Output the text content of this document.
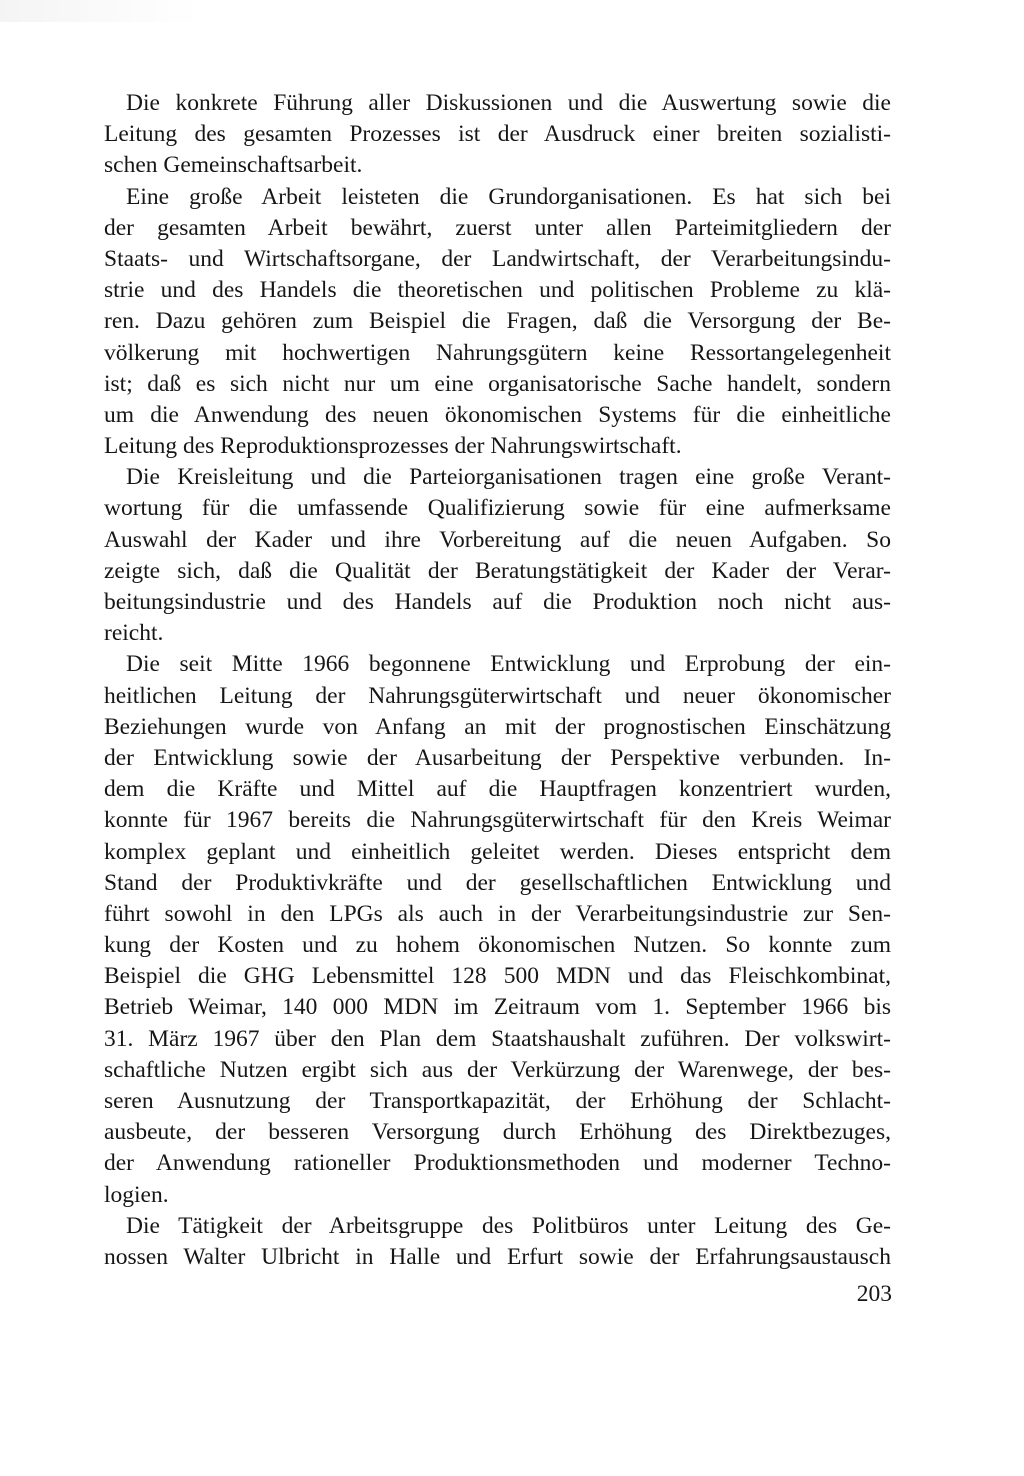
Die konkrete Führung aller Diskussionen und die Auswertung sowie die
Leitung des gesamten Prozesses ist der Ausdruck einer breiten sozialisti-
schen Gemeinschaftsarbeit.
Eine große Arbeit leisteten die Grundorganisationen. Es hat sich bei
der gesamten Arbeit bewährt, zuerst unter allen Parteimitgliedern der
Staats- und Wirtschaftsorgane, der Landwirtschaft, der Verarbeitungsindu-
strie und des Handels die theoretischen und politischen Probleme zu klä-
ren. Dazu gehören zum Beispiel die Fragen, daß die Versorgung der Be-
völkerung mit hochwertigen Nahrungsgütern keine Ressortangelegenheit
ist; daß es sich nicht nur um eine organisatorische Sache handelt, sondern
um die Anwendung des neuen ökonomischen Systems für die einheitliche
Leitung des Reproduktionsprozesses der Nahrungswirtschaft.
Die Kreisleitung und die Parteiorganisationen tragen eine große Verant-
wortung für die umfassende Qualifizierung sowie für eine aufmerksame
Auswahl der Kader und ihre Vorbereitung auf die neuen Aufgaben. So
zeigte sich, daß die Qualität der Beratungstätigkeit der Kader der Verar-
beitungsindustrie und des Handels auf die Produktion noch nicht aus-
reicht.
Die seit Mitte 1966 begonnene Entwicklung und Erprobung der ein-
heitlichen Leitung der Nahrungsgüterwirtschaft und neuer ökonomischer
Beziehungen wurde von Anfang an mit der prognostischen Einschätzung
der Entwicklung sowie der Ausarbeitung der Perspektive verbunden. In-
dem die Kräfte und Mittel auf die Hauptfragen konzentriert wurden,
konnte für 1967 bereits die Nahrungsgüterwirtschaft für den Kreis Weimar
komplex geplant und einheitlich geleitet werden. Dieses entspricht dem
Stand der Produktivkräfte und der gesellschaftlichen Entwicklung und
führt sowohl in den LPGs als auch in der Verarbeitungsindustrie zur Sen-
kung der Kosten und zu hohem ökonomischen Nutzen. So konnte zum
Beispiel die GHG Lebensmittel 128 500 MDN und das Fleischkombinat,
Betrieb Weimar, 140 000 MDN im Zeitraum vom 1. September 1966 bis
31. März 1967 über den Plan dem Staatshaushalt zuführen. Der volkswirt-
schaftliche Nutzen ergibt sich aus der Verkürzung der Warenwege, der bes-
seren Ausnutzung der Transportkapazität, der Erhöhung der Schlacht-
ausbeute, der besseren Versorgung durch Erhöhung des Direktbezuges,
der Anwendung rationeller Produktionsmethoden und moderner Techno-
logien.
Die Tätigkeit der Arbeitsgruppe des Politbüros unter Leitung des Ge-
nossen Walter Ulbricht in Halle und Erfurt sowie der Erfahrungsaustausch
203
